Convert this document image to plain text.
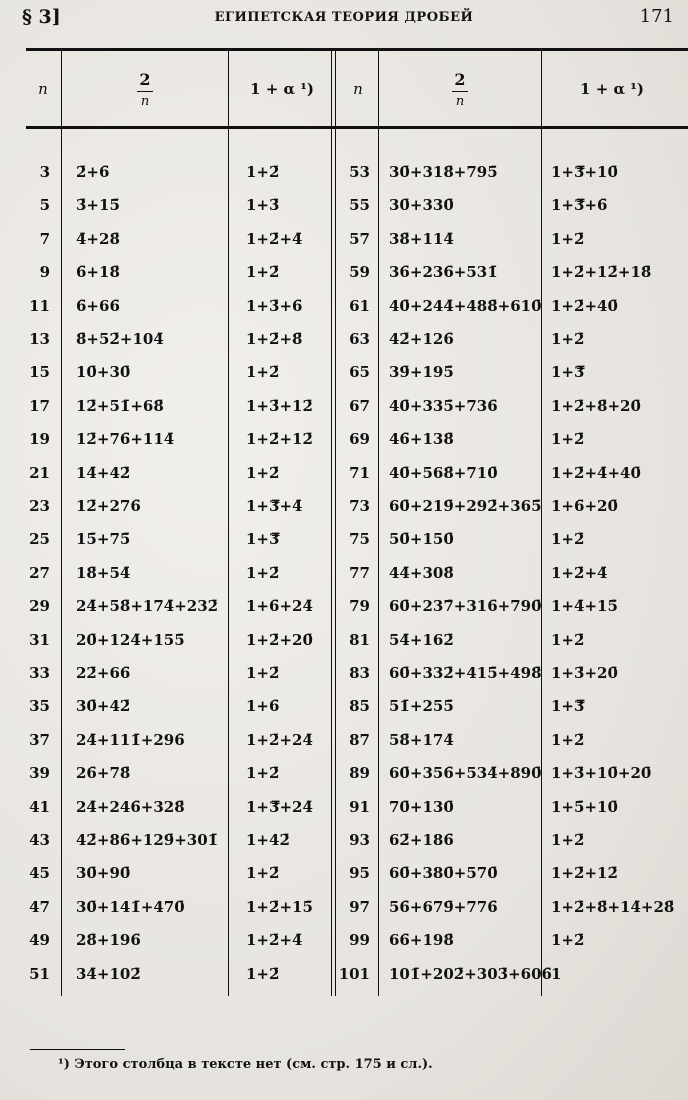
§ 3]	ЕГИПЕТСКАЯ ТЕОРИЯ ДРОБЕЙ	171
n	2
n
1 + α ¹)	n	2
n
1 + α ¹)
3 2̄+6̄	1+2̄	53 30̄+318̄+795̄	1+3̿+10̄
5 3̄+15̄	1+3̄	55 30̄+330̄	1+3̿+6̄
7 4̄+28̄	1+2̄+4̄	57 38̄+114̄	1+2̄
9 6̄+18̄	1+2̄	59 36̄+236̄+531̄	1+2̄+12̄+18̄
11 6̄+66̄	1+3̄+6̄	61 40̄+244̄+488̄+610̄ 1+2̄+40̄
13 8̄+52̄+104̄	1+2̄+8̄	63 42̄+126̄	1+2̄
15 10̄+30̄	1+2̄	65 39̄+195̄	1+3̿
17 12̄+51̄+68̄	1+3̄+12̄	67 40̄+335̄+736̄	1+2̄+8̄+20̄
19 12̄+76̄+114̄	1+2̄+12̄	69 46̄+138̄	1+2̄
21 14̄+42̄	1+2̄	71 40̄+568̄+710̄	1+2̄+4̄+40̄
23 12̄+276̄	1+3̿+4̄	73 60̄+219̄+292̄+365̄ 1+6̄+20̄
25 15̄+75̄	1+3̿	75 50̄+150̄	1+2̄
27 18̄+54̄	1+2̄	77 44̄+308̄	1+2̄+4̄
29 24̄+58̄+174̄+232̄ 1+6̄+24̄	79 60̄+237̄+316̄+790̄ 1+4̄+15̄
31 20̄+124̄+155̄	1+2̄+20̄	81 54̄+162̄	1+2̄
33 22̄+66̄	1+2̄	83 60̄+332̄+415̄+498̄ 1+3̄+20̄
35 30̄+42̄	1+6̄	85 51̄+255̄	1+3̿
37 24̄+111̄+296̄	1+2̄+24̄	87 58̄+174̄	1+2̄
39 26̄+78̄	1+2̄	89 60̄+356̄+534̄+890̄ 1+3̄+10̄+20̄
41 24̄+246̄+328̄	1+3̿+24̄	91 70̄+130̄	1+5̄+10̄
43 42̄+86̄+129̄+301̄ 1+42̄	93 62̄+186̄	1+2̄
45 30̄+90̄	1+2̄	95 60̄+380̄+570̄	1+2̄+12̄
47 30̄+141̄+470̄	1+2̄+15̄	97 56̄+679̄+776̄	1+2̄+8̄+14̄+28̄
49 28̄+196̄	1+2̄+4̄	99 66̄+198̄	1+2̄
51 34̄+102̄	1+2̄	101 101̄+202̄+303̄+606̄ 1
¹) Этого столбца в тексте нет (см. стр. 175 и сл.).
